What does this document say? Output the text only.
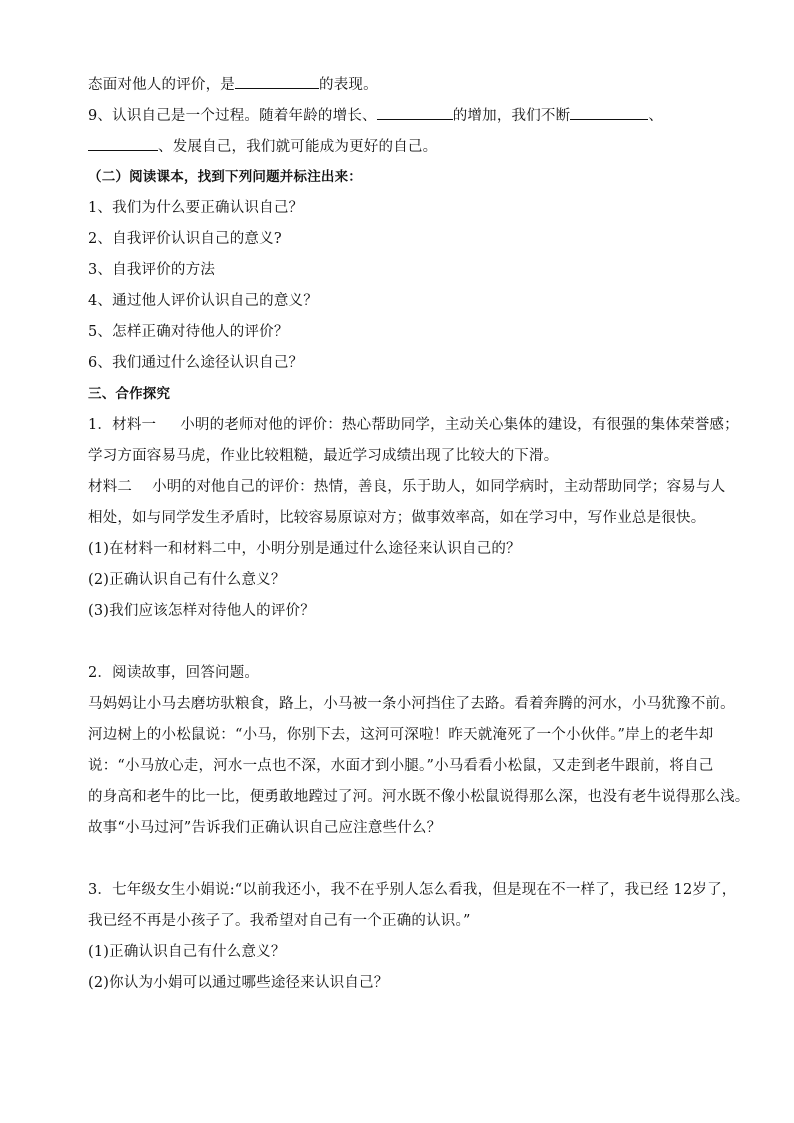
态面对他人的评价，是	的表现。
9、认识自己是一个过程。随着年龄的增长、	的增加，我们不断	、
、发展自己，我们就可能成为更好的自己。
（二）阅读课本，找到下列问题并标注出来：
1、我们为什么要正确认识自己？
2、自我评价认识自己的意义?
3、自我评价的方法
4、通过他人评价认识自己的意义？
5、怎样正确对待他人的评价？
6、我们通过什么途径认识自己？
三、合作探究
1．材料一 小明的老师对他的评价：热心帮助同学，主动关心集体的建设，有很强的集体荣誉感；
学习方面容易马虎，作业比较粗糙，最近学习成绩出现了比较大的下滑。
材料二 小明的对他自己的评价：热情，善良，乐于助人，如同学病时，主动帮助同学；容易与人
相处，如与同学发生矛盾时，比较容易原谅对方；做事效率高，如在学习中，写作业总是很快。
(1)在材料一和材料二中，小明分别是通过什么途径来认识自己的？
(2)正确认识自己有什么意义？
(3)我们应该怎样对待他人的评价？
2．阅读故事，回答问题。
马妈妈让小马去磨坊驮粮食，路上，小马被一条小河挡住了去路。看着奔腾的河水，小马犹豫不前。
河边树上的小松鼠说：“小马，你别下去，这河可深啦！昨天就淹死了一个小伙伴。”岸上的老牛却
说：“小马放心走，河水一点也不深，水面才到小腿。”小马看看小松鼠，又走到老牛跟前，将自己
的身高和老牛的比一比，便勇敢地蹚过了河。河水既不像小松鼠说得那么深，也没有老牛说得那么浅。
故事“小马过河”告诉我们正确认识自己应注意些什么？
3．七年级女生小娟说:“以前我还小，我不在乎别人怎么看我，但是现在不一样了，我已经 12岁了，
我已经不再是小孩子了。我希望对自己有一个正确的认识。”
(1)正确认识自己有什么意义？
(2)你认为小娟可以通过哪些途径来认识自己？
